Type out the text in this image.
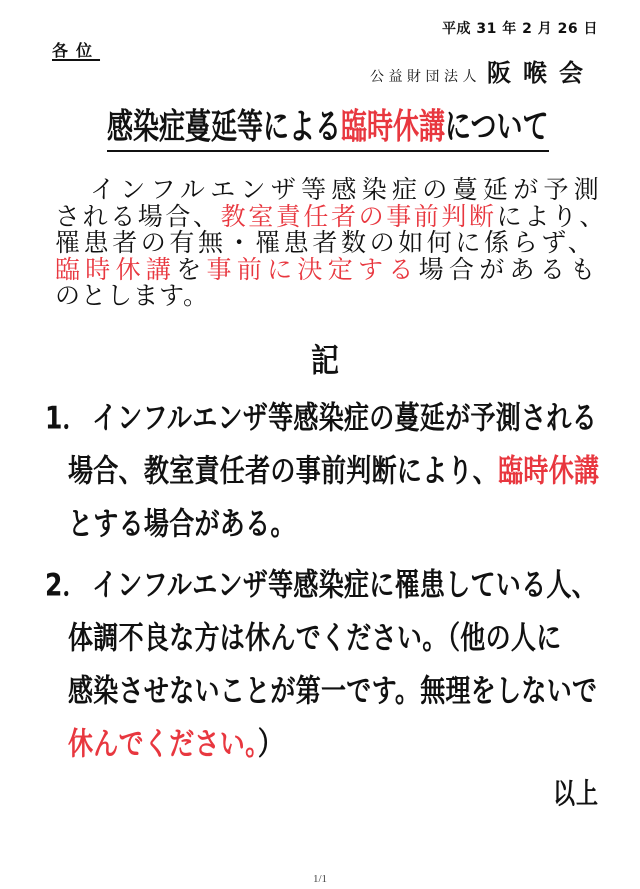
平成 31 年 2 月 26 日
各位
公益財団法人 阪喉会
感染症蔓延等による臨時休講について
インフルエンザ等感染症の蔓延が予測
される場合、教室責任者の事前判断により、
罹患者の有無・罹患者数の如何に係らず、
臨時休講を事前に決定する場合があるも
のとします。
記
1． インフルエンザ等感染症の蔓延が予測される
場合、教室責任者の事前判断により、臨時休講
とする場合がある。
2． インフルエンザ等感染症に罹患している人、
体調不良な方は休んでください。（他の人に
感染させないことが第一です。無理をしないで
休んでください。）
以上
1/1
